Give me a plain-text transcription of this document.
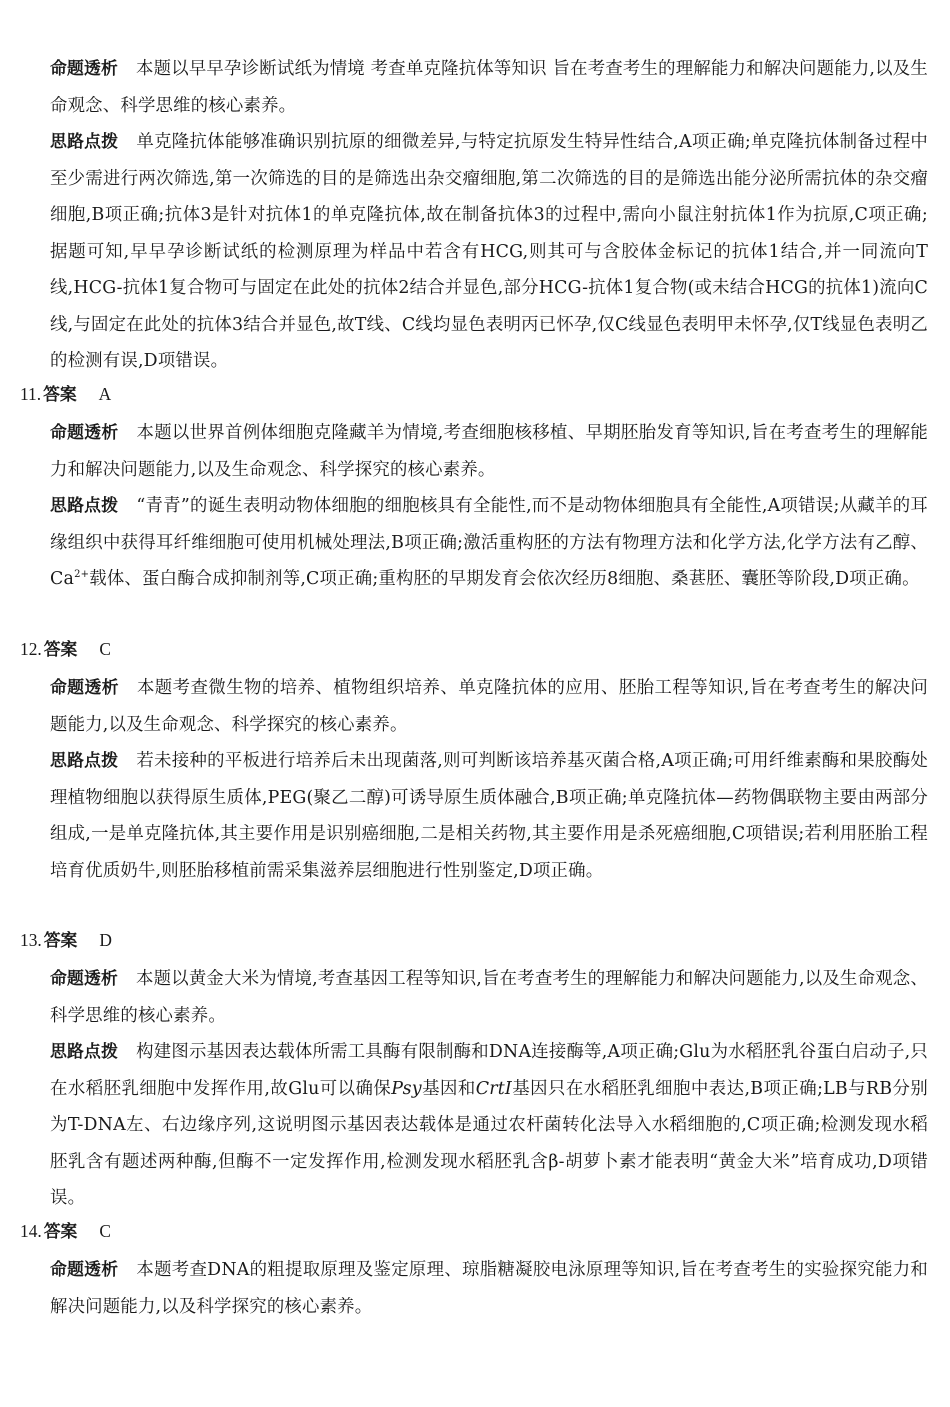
命题透析 本题以早早孕诊断试纸为情境 考查单克隆抗体等知识 旨在考查考生的理解能力和解决问题能力,以及生命观念、科学思维的核心素养。

思路点拨 单克隆抗体能够准确识别抗原的细微差异,与特定抗原发生特异性结合,A项正确;单克隆抗体制备过程中至少需进行两次筛选,第一次筛选的目的是筛选出杂交瘤细胞,第二次筛选的目的是筛选出能分泌所需抗体的杂交瘤细胞,B项正确;抗体3是针对抗体1的单克隆抗体,故在制备抗体3的过程中,需向小鼠注射抗体1作为抗原,C项正确;据题可知,早早孕诊断试纸的检测原理为样品中若含有HCG,则其可与含胶体金标记的抗体1结合,并一同流向T线,HCG-抗体1复合物可与固定在此处的抗体2结合并显色,部分HCG-抗体1复合物(或未结合HCG的抗体1)流向C线,与固定在此处的抗体3结合并显色,故T线、C线均显色表明丙已怀孕,仅C线显色表明甲未怀孕,仅T线显色表明乙的检测有误,D项错误。

11. 答案 A

命题透析 本题以世界首例体细胞克隆藏羊为情境,考查细胞核移植、早期胚胎发育等知识,旨在考查考生的理解能力和解决问题能力,以及生命观念、科学探究的核心素养。

思路点拨 “青青”的诞生表明动物体细胞的细胞核具有全能性,而不是动物体细胞具有全能性,A项错误;从藏羊的耳缘组织中获得耳纤维细胞可使用机械处理法,B项正确;激活重构胚的方法有物理方法和化学方法,化学方法有乙醇、$Ca^{2+}$载体、蛋白酶合成抑制剂等,C项正确;重构胚的早期发育会依次经历8细胞、桑葚胚、囊胚等阶段,D项正确。

12. 答案 C

命题透析 本题考查微生物的培养、植物组织培养、单克隆抗体的应用、胚胎工程等知识,旨在考查考生的解决问题能力,以及生命观念、科学探究的核心素养。

思路点拨 若未接种的平板进行培养后未出现菌落,则可判断该培养基灭菌合格,A项正确;可用纤维素酶和果胶酶处理植物细胞以获得原生质体,PEG(聚乙二醇)可诱导原生质体融合,B项正确;单克隆抗体—药物偶联物主要由两部分组成,一是单克隆抗体,其主要作用是识别癌细胞,二是相关药物,其主要作用是杀死癌细胞,C项错误;若利用胚胎工程培育优质奶牛,则胚胎移植前需采集滋养层细胞进行性别鉴定,D项正确。

13. 答案 D

命题透析 本题以黄金大米为情境,考查基因工程等知识,旨在考查考生的理解能力和解决问题能力,以及生命观念、科学思维的核心素养。

思路点拨 构建图示基因表达载体所需工具酶有限制酶和DNA连接酶等,A项正确;Glu为水稻胚乳谷蛋白启动子,只在水稻胚乳细胞中发挥作用,故Glu可以确保Psy基因和CrtI基因只在水稻胚乳细胞中表达,B项正确;LB与RB分别为T-DNA左、右边缘序列,这说明图示基因表达载体是通过农杆菌转化法导入水稻细胞的,C项正确;检测发现水稻胚乳含有题述两种酶,但酶不一定发挥作用,检测发现水稻胚乳含β-胡萝卜素才能表明“黄金大米”培育成功,D项错误。

14. 答案 C

命题透析 本题考查DNA的粗提取原理及鉴定原理、琼脂糖凝胶电泳原理等知识,旨在考查考生的实验探究能力和解决问题能力,以及科学探究的核心素养。
